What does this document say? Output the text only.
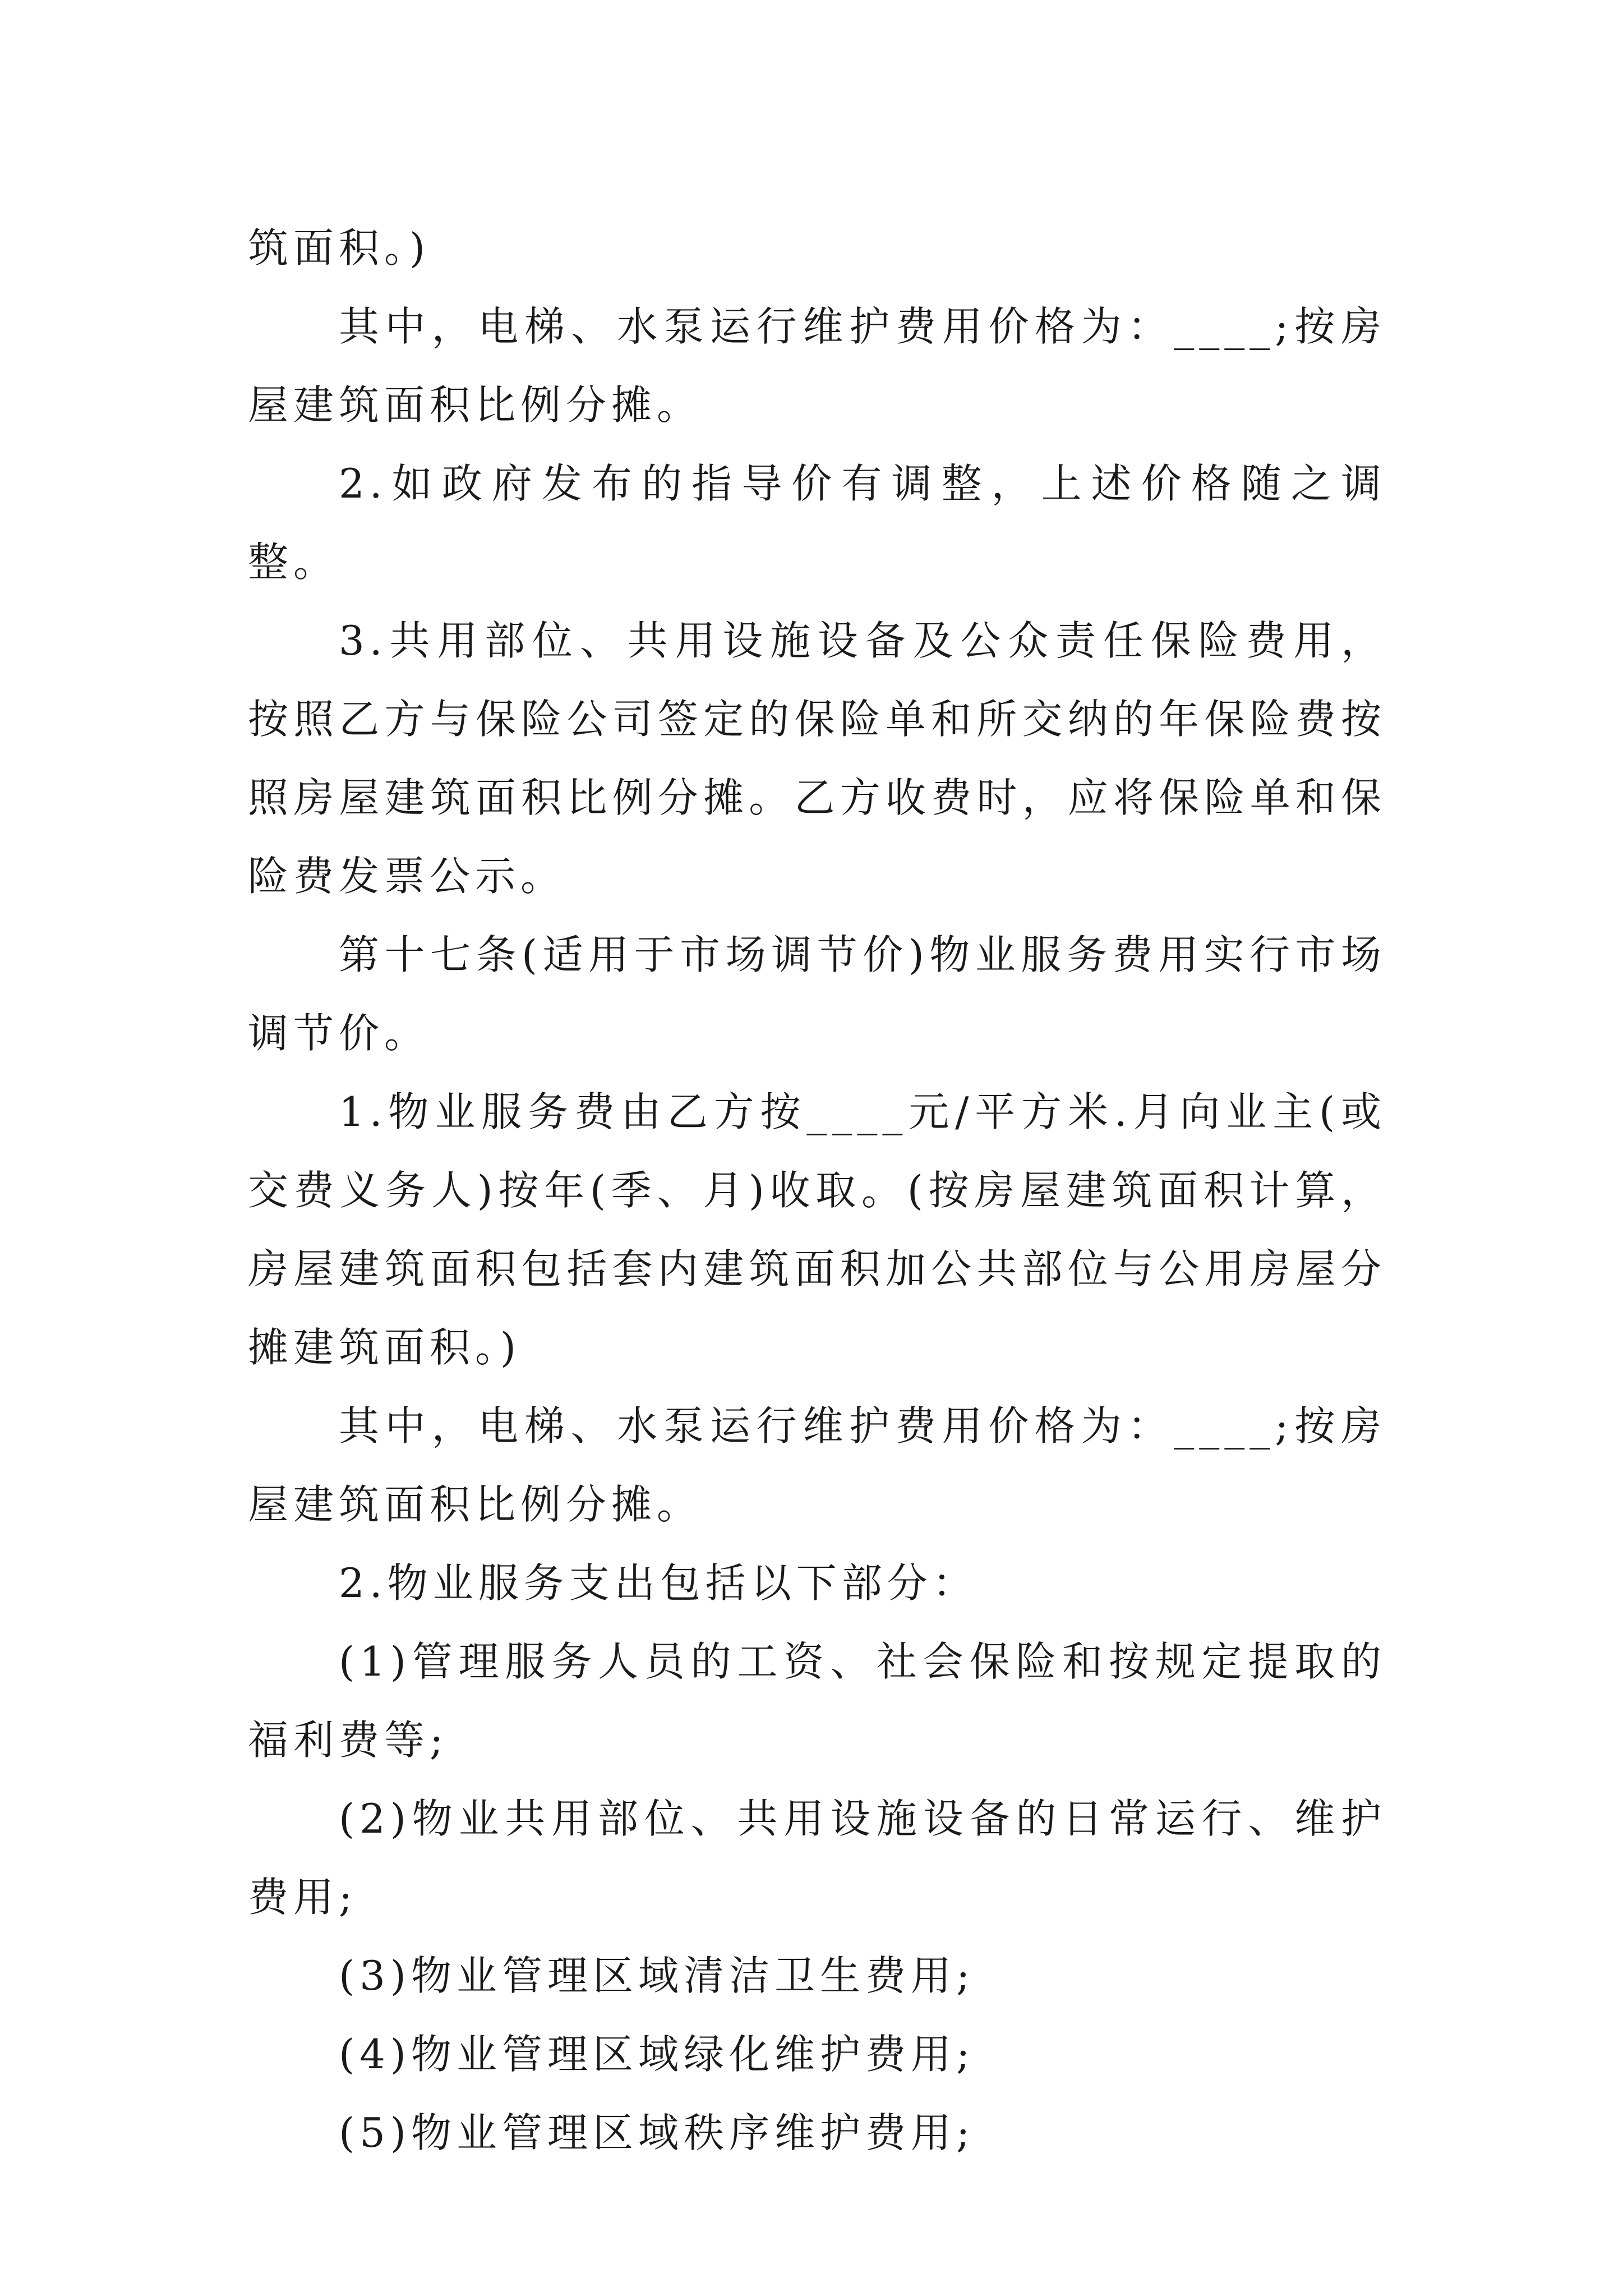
筑面积。)

其中，电梯、水泵运行维护费用价格为：____;按房屋建筑面积比例分摊。

2.如政府发布的指导价有调整，上述价格随之调整。

3.共用部位、共用设施设备及公众责任保险费用，按照乙方与保险公司签定的保险单和所交纳的年保险费按照房屋建筑面积比例分摊。乙方收费时，应将保险单和保险费发票公示。

第十七条(适用于市场调节价)物业服务费用实行市场调节价。

1.物业服务费由乙方按____元/平方米.月向业主(或交费义务人)按年(季、月)收取。(按房屋建筑面积计算，房屋建筑面积包括套内建筑面积加公共部位与公用房屋分摊建筑面积。)

其中，电梯、水泵运行维护费用价格为：____;按房屋建筑面积比例分摊。

2.物业服务支出包括以下部分：

(1)管理服务人员的工资、社会保险和按规定提取的福利费等;

(2)物业共用部位、共用设施设备的日常运行、维护费用;

(3)物业管理区域清洁卫生费用;

(4)物业管理区域绿化维护费用;

(5)物业管理区域秩序维护费用;
